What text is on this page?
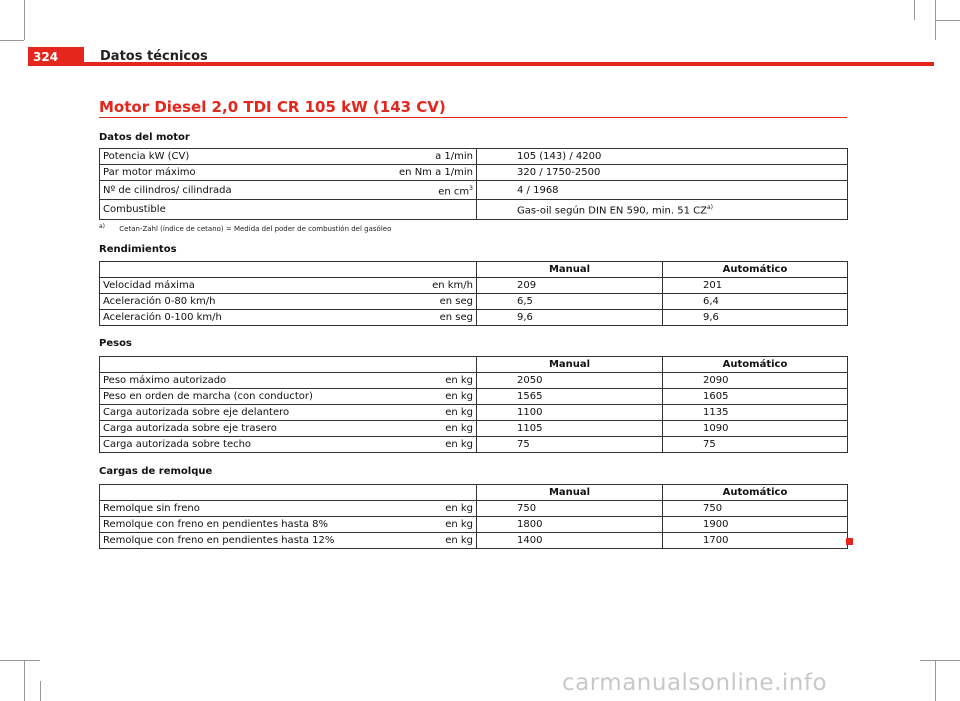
324	Datos técnicos
Motor Diesel 2,0 TDI CR 105 kW (143 CV)
Datos del motor
Potencia kW (CV)	a 1/min	105 (143) / 4200
Par motor máximo	en Nm a 1/min	320 / 1750-2500
Nº de cilindros/ cilindrada	en $cm^3$	4 / 1968
Combustible		Gas-oil según DIN EN 590, min. 51 CZ$^{a)}$
$^{a)}$ Cetan-Zahl (índice de cetano) = Medida del poder de combustión del gasóleo
Rendimientos
		Manual	Automático
Velocidad máxima	en km/h	209	201
Aceleración 0-80 km/h	en seg	6,5	6,4
Aceleración 0-100 km/h	en seg	9,6	9,6
Pesos
		Manual	Automático
Peso máximo autorizado	en kg	2050	2090
Peso en orden de marcha (con conductor)	en kg	1565	1605
Carga autorizada sobre eje delantero	en kg	1100	1135
Carga autorizada sobre eje trasero	en kg	1105	1090
Carga autorizada sobre techo	en kg	75	75
Cargas de remolque
		Manual	Automático
Remolque sin freno	en kg	750	750
Remolque con freno en pendientes hasta 8%	en kg	1800	1900
Remolque con freno en pendientes hasta 12%	en kg	1400	1700
carmanualsonline.info
